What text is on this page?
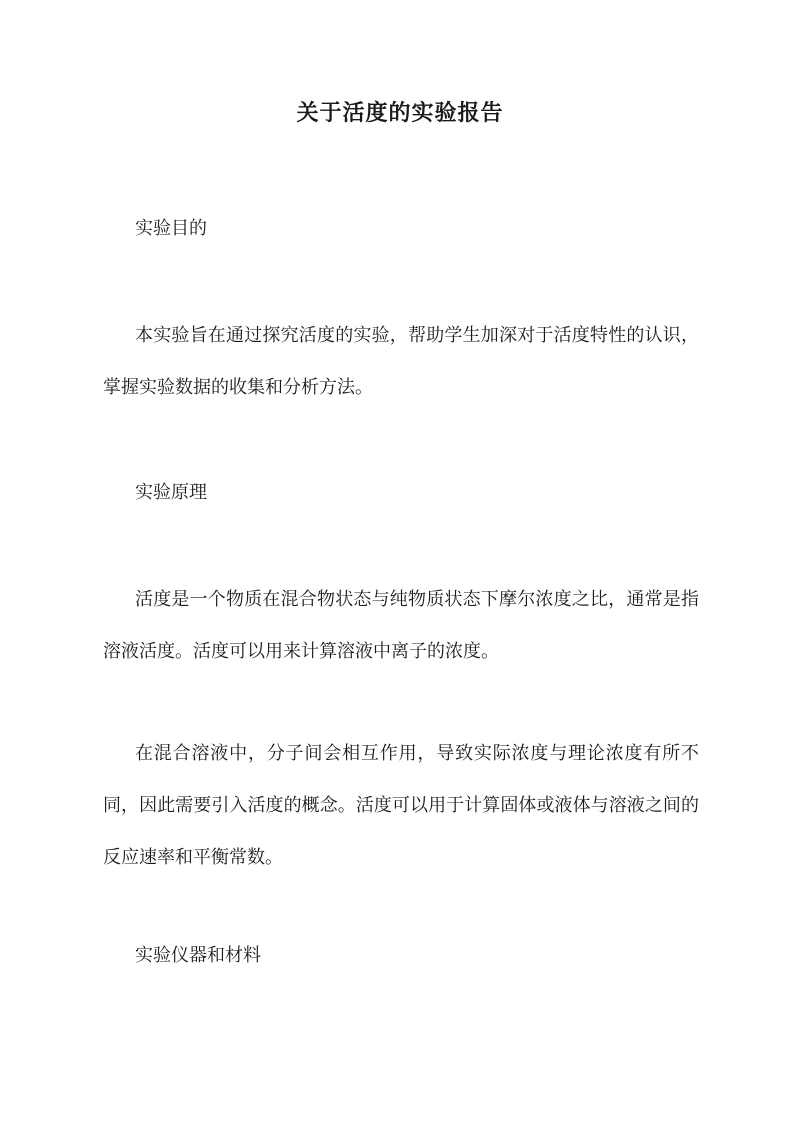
关于活度的实验报告
实验目的

本实验旨在通过探究活度的实验，帮助学生加深对于活度特性的认识，掌握实验数据的收集和分析方法。

实验原理

活度是一个物质在混合物状态与纯物质状态下摩尔浓度之比，通常是指溶液活度。活度可以用来计算溶液中离子的浓度。

在混合溶液中，分子间会相互作用，导致实际浓度与理论浓度有所不同，因此需要引入活度的概念。活度可以用于计算固体或液体与溶液之间的反应速率和平衡常数。

实验仪器和材料
